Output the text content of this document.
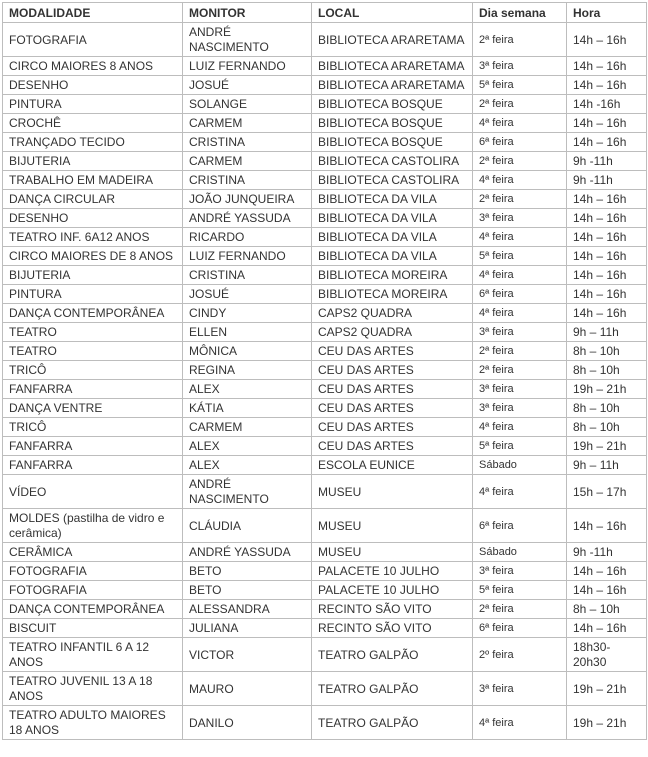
MODALIDADE	MONITOR	LOCAL	Dia semana	Hora
FOTOGRAFIA	ANDRÉ NASCIMENTO	BIBLIOTECA ARARETAMA	2ª feira	14h – 16h
CIRCO MAIORES 8 ANOS	LUIZ FERNANDO	BIBLIOTECA ARARETAMA	3ª feira	14h – 16h
DESENHO	JOSUÉ	BIBLIOTECA ARARETAMA	5ª feira	14h – 16h
PINTURA	SOLANGE	BIBLIOTECA BOSQUE	2ª feira	14h -16h
CROCHÊ	CARMEM	BIBLIOTECA BOSQUE	4ª feira	14h – 16h
TRANÇADO TECIDO	CRISTINA	BIBLIOTECA BOSQUE	6ª feira	14h – 16h
BIJUTERIA	CARMEM	BIBLIOTECA CASTOLIRA	2ª feira	9h -11h
TRABALHO EM MADEIRA	CRISTINA	BIBLIOTECA CASTOLIRA	4ª feira	9h -11h
DANÇA CIRCULAR	JOÃO JUNQUEIRA	BIBLIOTECA DA VILA	2ª feira	14h – 16h
DESENHO	ANDRÉ YASSUDA	BIBLIOTECA DA VILA	3ª feira	14h – 16h
TEATRO INF. 6A12 ANOS	RICARDO	BIBLIOTECA DA VILA	4ª feira	14h – 16h
CIRCO MAIORES DE 8 ANOS	LUIZ FERNANDO	BIBLIOTECA DA VILA	5ª feira	14h – 16h
BIJUTERIA	CRISTINA	BIBLIOTECA MOREIRA	4ª feira	14h – 16h
PINTURA	JOSUÉ	BIBLIOTECA MOREIRA	6ª feira	14h – 16h
DANÇA CONTEMPORÂNEA	CINDY	CAPS2 QUADRA	4ª feira	14h – 16h
TEATRO	ELLEN	CAPS2 QUADRA	3ª feira	9h – 11h
TEATRO	MÔNICA	CEU DAS ARTES	2ª feira	8h – 10h
TRICÔ	REGINA	CEU DAS ARTES	2ª feira	8h – 10h
FANFARRA	ALEX	CEU DAS ARTES	3ª feira	19h – 21h
DANÇA VENTRE	KÁTIA	CEU DAS ARTES	3ª feira	8h – 10h
TRICÔ	CARMEM	CEU DAS ARTES	4ª feira	8h – 10h
FANFARRA	ALEX	CEU DAS ARTES	5ª feira	19h – 21h
FANFARRA	ALEX	ESCOLA EUNICE	Sábado	9h – 11h
VÍDEO	ANDRÉ NASCIMENTO	MUSEU	4ª feira	15h – 17h
MOLDES (pastilha de vidro e cerâmica)	CLÁUDIA	MUSEU	6ª feira	14h – 16h
CERÂMICA	ANDRÉ YASSUDA	MUSEU	Sábado	9h -11h
FOTOGRAFIA	BETO	PALACETE 10 JULHO	3ª feira	14h – 16h
FOTOGRAFIA	BETO	PALACETE 10 JULHO	5ª feira	14h – 16h
DANÇA CONTEMPORÂNEA	ALESSANDRA	RECINTO SÃO VITO	2ª feira	8h – 10h
BISCUIT	JULIANA	RECINTO SÃO VITO	6ª feira	14h – 16h
TEATRO INFANTIL 6 A 12 ANOS	VICTOR	TEATRO GALPÃO	2º feira	18h30-20h30
TEATRO JUVENIL 13 A 18 ANOS	MAURO	TEATRO GALPÃO	3ª feira	19h – 21h
TEATRO ADULTO MAIORES 18 ANOS	DANILO	TEATRO GALPÃO	4ª feira	19h – 21h
